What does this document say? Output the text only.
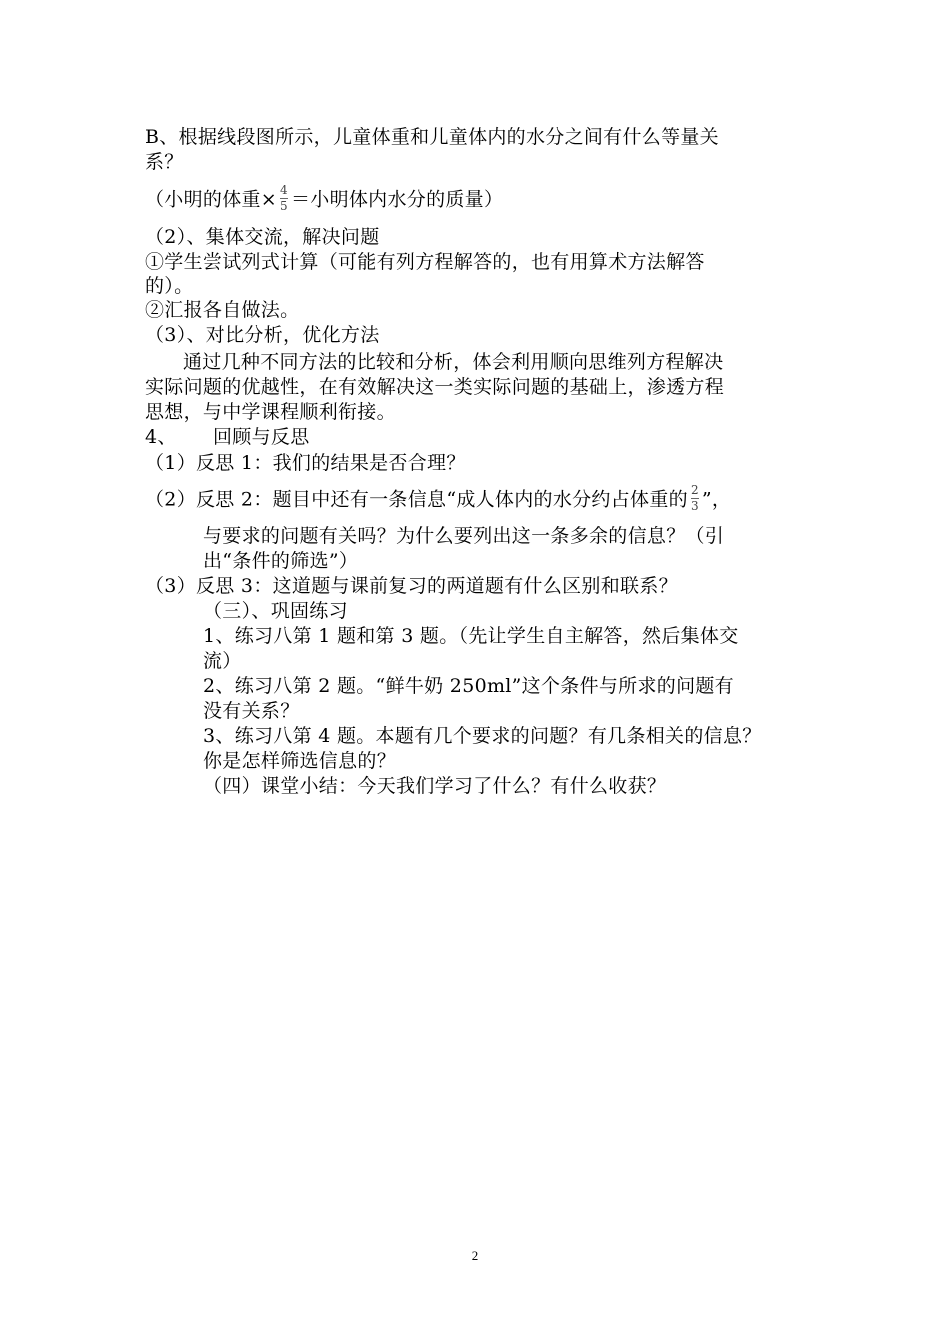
B、根据线段图所示，儿童体重和儿童体内的水分之间有什么等量关
系？
（小明的体重× $\frac{4}{5}$ ＝小明体内水分的质量）
（2）、集体交流，解决问题
①学生尝试列式计算（可能有列方程解答的，也有用算术方法解答
的）。
②汇报各自做法。
（3）、对比分析，优化方法
通过几种不同方法的比较和分析，体会利用顺向思维列方程解决
实际问题的优越性，在有效解决这一类实际问题的基础上，渗透方程
思想，与中学课程顺利衔接。
4、 回顾与反思
（1）反思 1：我们的结果是否合理？
（2）反思 2：题目中还有一条信息“成人体内的水分约占体重的 $\frac{2}{3}$ ”，
与要求的问题有关吗？为什么要列出这一条多余的信息？（引
出“条件的筛选”）
（3）反思 3：这道题与课前复习的两道题有什么区别和联系？
（三）、巩固练习
1、练习八第 1 题和第 3 题。（先让学生自主解答，然后集体交
流）
2、练习八第 2 题。“鲜牛奶 250ml”这个条件与所求的问题有
没有关系？
3、练习八第 4 题。本题有几个要求的问题？有几条相关的信息？
你是怎样筛选信息的？
（四）课堂小结：今天我们学习了什么？有什么收获？
2
